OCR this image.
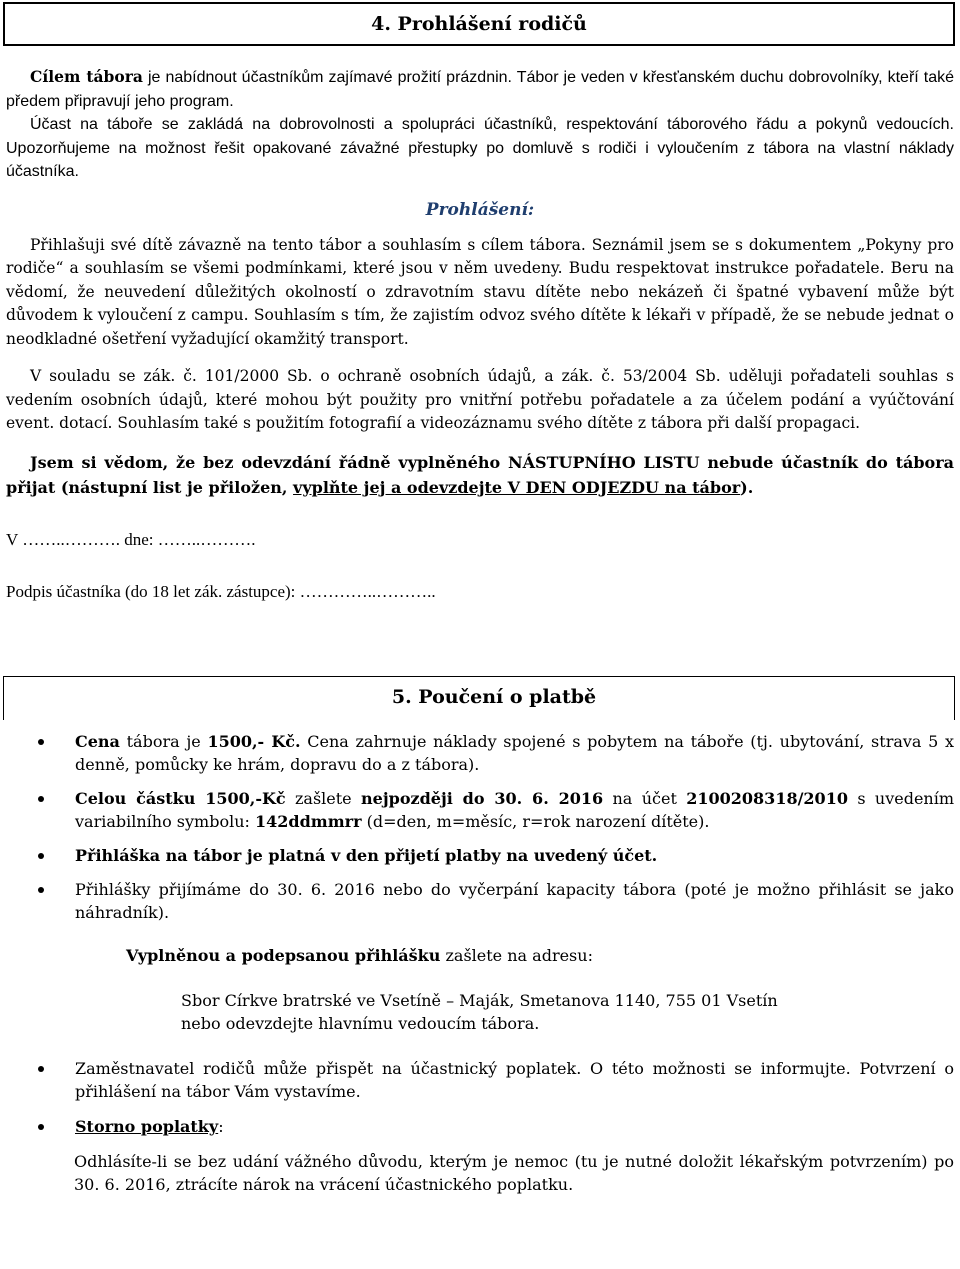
4. Prohlášení rodičů

Cílem tábora je nabídnout účastníkům zajímavé prožití prázdnin. Tábor je veden v křesťanském duchu dobrovolníky, kteří také předem připravují jeho program.

Účast na táboře se zakládá na dobrovolnosti a spolupráci účastníků, respektování táborového řádu a pokynů vedoucích. Upozorňujeme na možnost řešit opakované závažné přestupky po domluvě s rodiči i vyloučením z tábora na vlastní náklady účastníka.

Prohlášení:

Přihlašuji své dítě závazně na tento tábor a souhlasím s cílem tábora. Seznámil jsem se s dokumentem „Pokyny pro rodiče“ a souhlasím se všemi podmínkami, které jsou v něm uvedeny. Budu respektovat instrukce pořadatele. Beru na vědomí, že neuvedení důležitých okolností o zdravotním stavu dítěte nebo nekázeň či špatné vybavení může být důvodem k vyloučení z campu. Souhlasím s tím, že zajistím odvoz svého dítěte k lékaři v případě, že se nebude jednat o neodkladné ošetření vyžadující okamžitý transport.

V souladu se zák. č. 101/2000 Sb. o ochraně osobních údajů, a zák. č. 53/2004 Sb. uděluji pořadateli souhlas s vedením osobních údajů, které mohou být použity pro vnitřní potřebu pořadatele a za účelem podání a vyúčtování event. dotací. Souhlasím také s použitím fotografií a videozáznamu svého dítěte z tábora při další propagaci.

Jsem si vědom, že bez odevzdání řádně vyplněného NÁSTUPNÍHO LISTU nebude účastník do tábora přijat (nástupní list je přiložen, vyplňte jej a odevzdejte V DEN ODJEZDU na tábor).

V ……..………. dne: ……..……….
Podpis účastníka (do 18 let zák. zástupce): …………..………..
5. Poučení o platbě
Cena tábora je 1500,- Kč. Cena zahrnuje náklady spojené s pobytem na táboře (tj. ubytování, strava 5 x denně, pomůcky ke hrám, dopravu do a z tábora).
Celou částku 1500,-Kč zašlete nejpozději do 30. 6. 2016 na účet 2100208318/2010 s uvedením variabilního symbolu: 142ddmmrr (d=den, m=měsíc, r=rok narození dítěte).
Přihláška na tábor je platná v den přijetí platby na uvedený účet.
Přihlášky přijímáme do 30. 6. 2016 nebo do vyčerpání kapacity tábora (poté je možno přihlásit se jako náhradník).
Vyplněnou a podepsanou přihlášku zašlete na adresu:
Sbor Církve bratrské ve Vsetíně – Maják, Smetanova 1140, 755 01 Vsetín
nebo odevzdejte hlavnímu vedoucím tábora.
Zaměstnavatel rodičů může přispět na účastnický poplatek. O této možnosti se informujte. Potvrzení o přihlášení na tábor Vám vystavíme.
Storno poplatky:
Odhlásíte-li se bez udání vážného důvodu, kterým je nemoc (tu je nutné doložit lékařským potvrzením) po 30. 6. 2016, ztrácíte nárok na vrácení účastnického poplatku.
